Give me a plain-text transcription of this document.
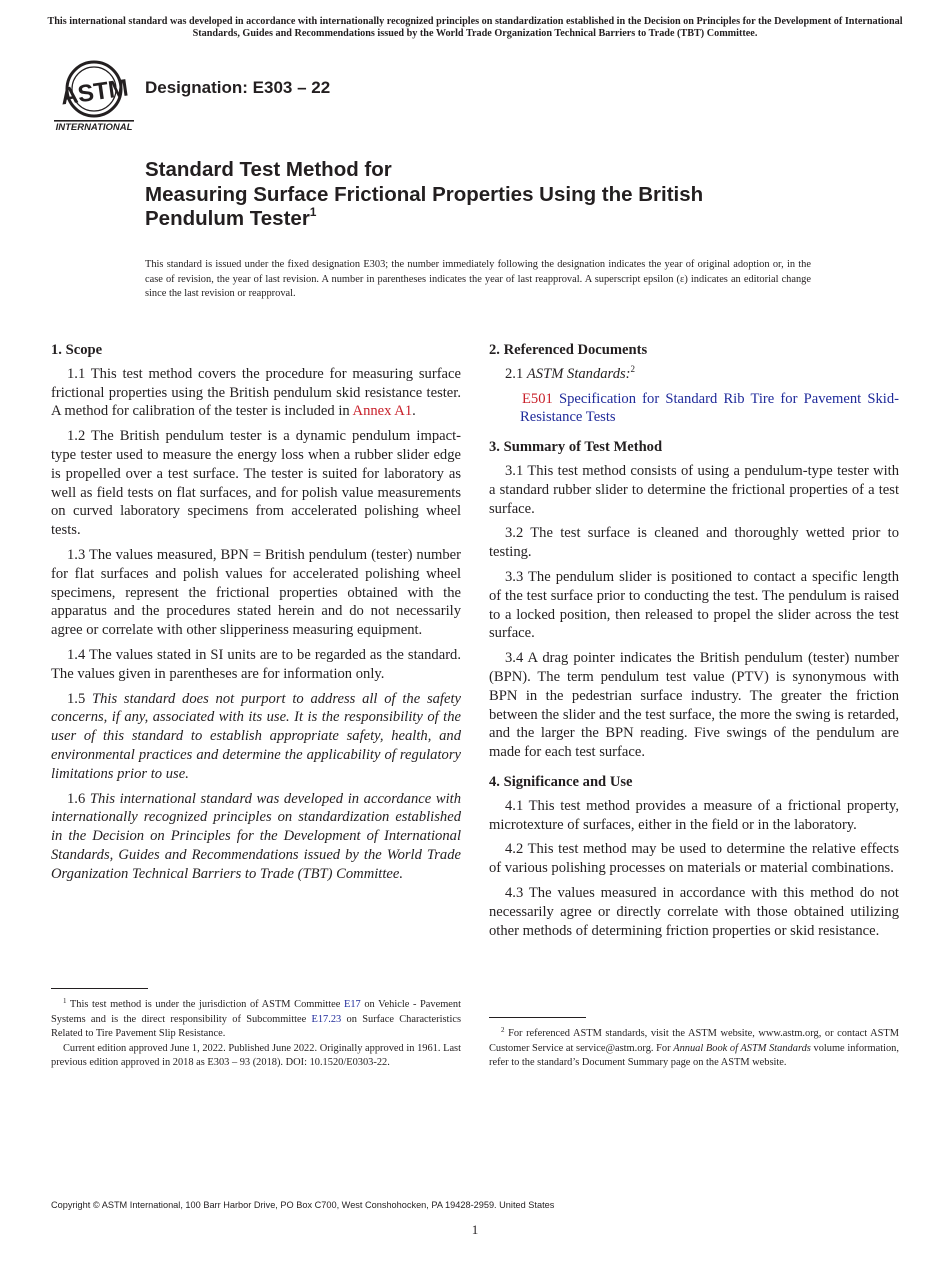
This international standard was developed in accordance with internationally recognized principles on standardization established in the Decision on Principles for the Development of International Standards, Guides and Recommendations issued by the World Trade Organization Technical Barriers to Trade (TBT) Committee.
ASTM
INTERNATIONAL
Designation: E303 – 22
Standard Test Method for
Measuring Surface Frictional Properties Using the British
Pendulum Tester$^1$
This standard is issued under the fixed designation E303; the number immediately following the designation indicates the year of original adoption or, in the case of revision, the year of last revision. A number in parentheses indicates the year of last reapproval. A superscript epsilon (ε) indicates an editorial change since the last revision or reapproval.
1. Scope

1.1 This test method covers the procedure for measuring surface frictional properties using the British pendulum skid resistance tester. A method for calibration of the tester is included in Annex A1.

1.2 The British pendulum tester is a dynamic pendulum impact-type tester used to measure the energy loss when a rubber slider edge is propelled over a test surface. The tester is suited for laboratory as well as field tests on flat surfaces, and for polish value measurements on curved laboratory specimens from accelerated polishing wheel tests.

1.3 The values measured, BPN = British pendulum (tester) number for flat surfaces and polish values for accelerated polishing wheel specimens, represent the frictional properties obtained with the apparatus and the procedures stated herein and do not necessarily agree or correlate with other slipperiness measuring equipment.

1.4 The values stated in SI units are to be regarded as the standard. The values given in parentheses are for information only.

1.5 This standard does not purport to address all of the safety concerns, if any, associated with its use. It is the responsibility of the user of this standard to establish appropriate safety, health, and environmental practices and determine the applicability of regulatory limitations prior to use.

1.6 This international standard was developed in accordance with internationally recognized principles on standardization established in the Decision on Principles for the Development of International Standards, Guides and Recommendations issued by the World Trade Organization Technical Barriers to Trade (TBT) Committee.

$^1$ This test method is under the jurisdiction of ASTM Committee E17 on Vehicle - Pavement Systems and is the direct responsibility of Subcommittee E17.23 on Surface Characteristics Related to Tire Pavement Slip Resistance.

Current edition approved June 1, 2022. Published June 2022. Originally approved in 1961. Last previous edition approved in 2018 as E303 – 93 (2018). DOI: 10.1520/E0303-22.

2. Referenced Documents

2.1 ASTM Standards:$^2$

E501 Specification for Standard Rib Tire for Pavement Skid-Resistance Tests

3. Summary of Test Method

3.1 This test method consists of using a pendulum-type tester with a standard rubber slider to determine the frictional properties of a test surface.

3.2 The test surface is cleaned and thoroughly wetted prior to testing.

3.3 The pendulum slider is positioned to contact a specific length of the test surface prior to conducting the test. The pendulum is raised to a locked position, then released to propel the slider across the test surface.

3.4 A drag pointer indicates the British pendulum (tester) number (BPN). The term pendulum test value (PTV) is synonymous with BPN in the pedestrian surface industry. The greater the friction between the slider and the test surface, the more the swing is retarded, and the larger the BPN reading. Five swings of the pendulum are made for each test surface.

4. Significance and Use

4.1 This test method provides a measure of a frictional property, microtexture of surfaces, either in the field or in the laboratory.

4.2 This test method may be used to determine the relative effects of various polishing processes on materials or material combinations.

4.3 The values measured in accordance with this method do not necessarily agree or directly correlate with those obtained utilizing other methods of determining friction properties or skid resistance.

$^2$ For referenced ASTM standards, visit the ASTM website, www.astm.org, or contact ASTM Customer Service at service@astm.org. For Annual Book of ASTM Standards volume information, refer to the standard’s Document Summary page on the ASTM website.

Copyright © ASTM International, 100 Barr Harbor Drive, PO Box C700, West Conshohocken, PA 19428-2959. United States
1
